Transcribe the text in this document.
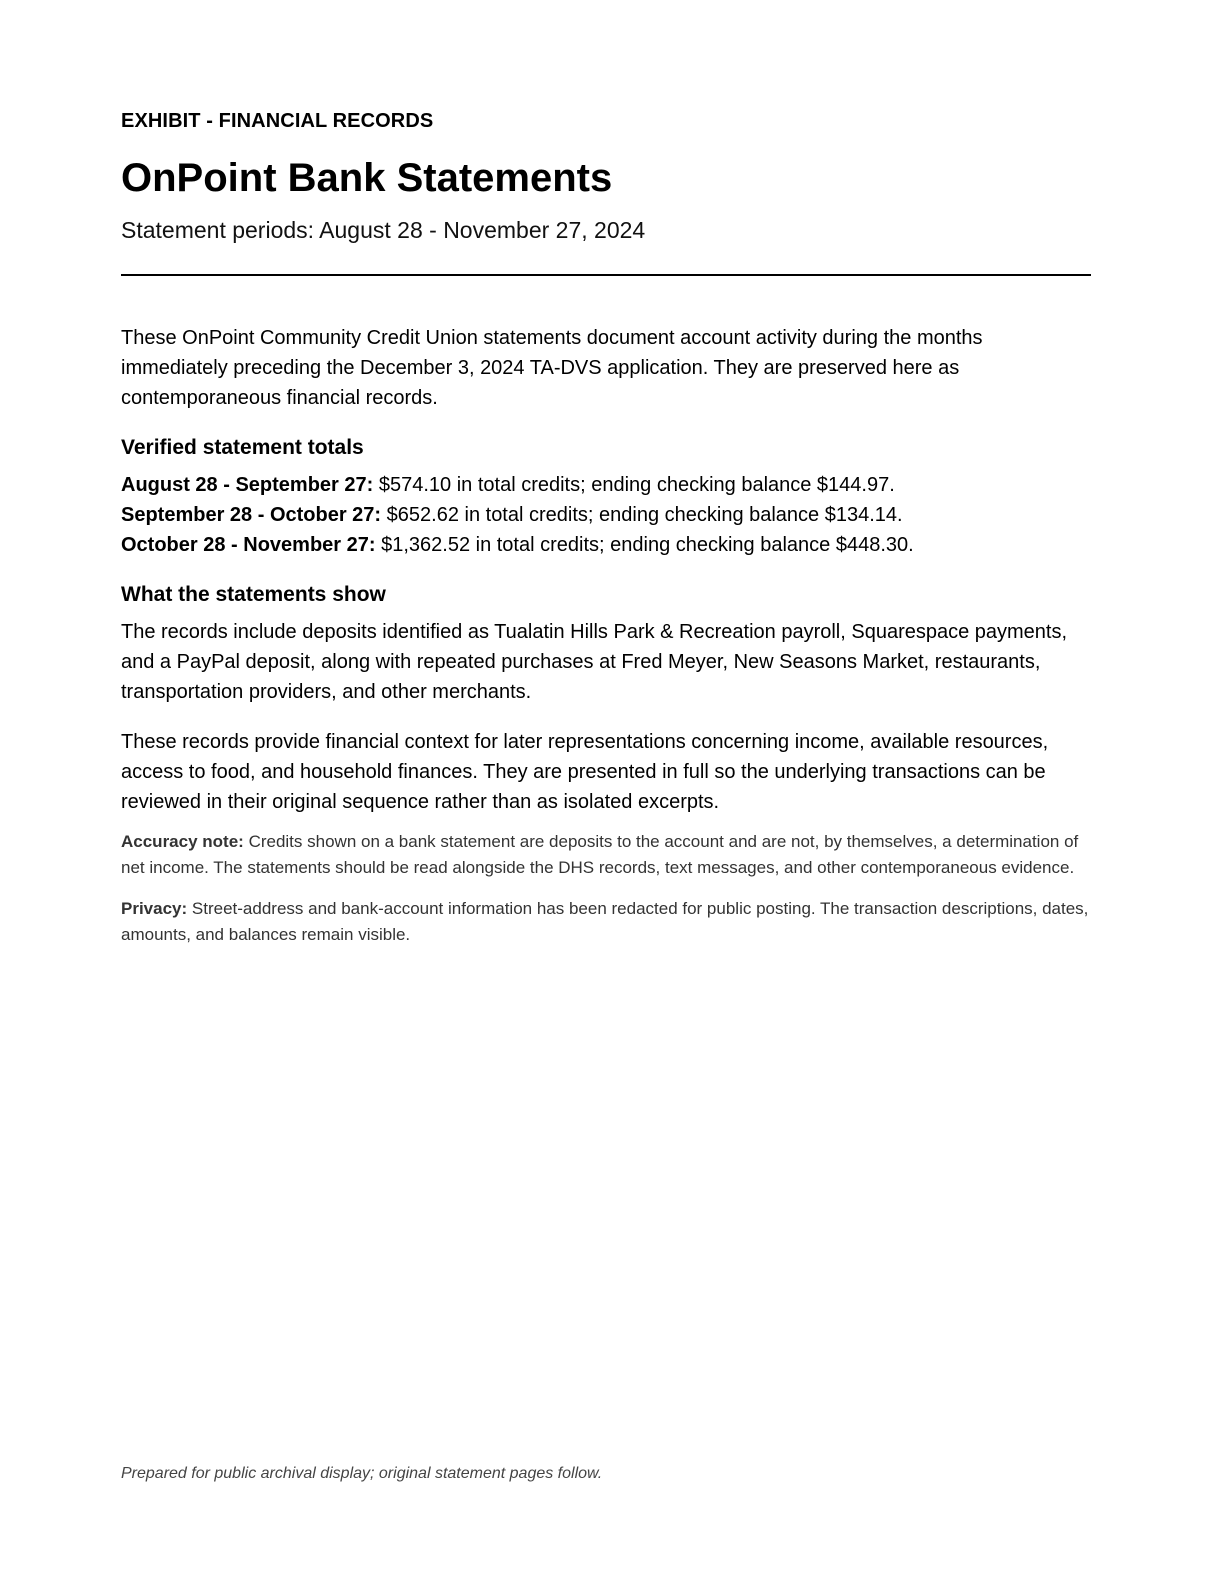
EXHIBIT - FINANCIAL RECORDS

OnPoint Bank Statements

Statement periods: August 28 - November 27, 2024

These OnPoint Community Credit Union statements document account activity during the months immediately preceding the December 3, 2024 TA-DVS application. They are preserved here as contemporaneous financial records.

Verified statement totals
August 28 - September 27: $574.10 in total credits; ending checking balance $144.97.
September 28 - October 27: $652.62 in total credits; ending checking balance $134.14.
October 28 - November 27: $1,362.52 in total credits; ending checking balance $448.30.
What the statements show

The records include deposits identified as Tualatin Hills Park & Recreation payroll, Squarespace payments, and a PayPal deposit, along with repeated purchases at Fred Meyer, New Seasons Market, restaurants, transportation providers, and other merchants.

These records provide financial context for later representations concerning income, available resources, access to food, and household finances. They are presented in full so the underlying transactions can be reviewed in their original sequence rather than as isolated excerpts.

Accuracy note: Credits shown on a bank statement are deposits to the account and are not, by themselves, a determination of net income. The statements should be read alongside the DHS records, text messages, and other contemporaneous evidence.

Privacy: Street-address and bank-account information has been redacted for public posting. The transaction descriptions, dates, amounts, and balances remain visible.

Prepared for public archival display; original statement pages follow.
